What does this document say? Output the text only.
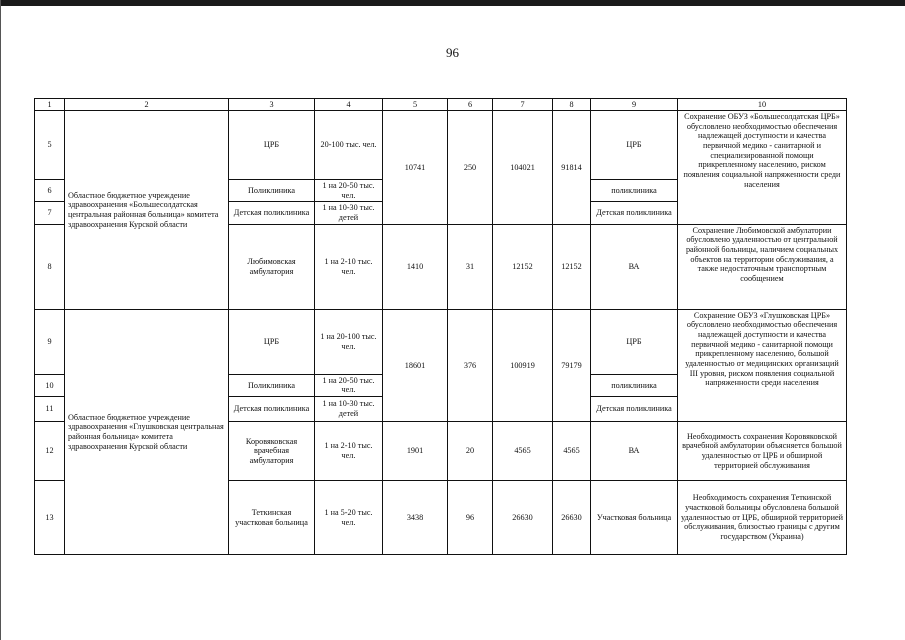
96
1	2	3	4	5	6	7	8	9	10
5	Областное бюджетное учреждение здравоохранения «Большесолдатская центральная районная больница» комитета здравоохранения Курской области	ЦРБ	20-100 тыс. чел.	10741	250	104021	91814	ЦРБ	Сохранение ОБУЗ «Большесолдатская ЦРБ» обусловлено необходимостью обеспечения надлежащей доступности и качества первичной медико - санитарной и специализированной помощи прикрепленному населению, риском появления социальной напряженности среди населения
6		Поликлиника	1 на 20-50 тыс. чел.					поликлиника	
7		Детская поликлиника	1 на 10-30 тыс. детей					Детская поликлиника	
8		Любимовская амбулатория	1 на 2-10 тыс. чел.	1410	31	12152	12152	ВА	Сохранение Любимовской амбулатории обусловлено удаленностью от центральной районной больницы, наличием социальных объектов на территории обслуживания, а также недостаточным транспортным сообщением
9	Областное бюджетное учреждение здравоохранения «Глушковская центральная районная больница» комитета здравоохранения Курской области	ЦРБ	1 на 20-100 тыс. чел.	18601	376	100919	79179	ЦРБ	Сохранение ОБУЗ «Глушковская ЦРБ» обусловлено необходимостью обеспечения надлежащей доступности и качества первичной медико - санитарной помощи прикрепленному населению, большой удаленностью от медицинских организаций III уровня, риском появления социальной напряженности среди населения
10		Поликлиника	1 на 20-50 тыс. чел.					поликлиника	
11		Детская поликлиника	1 на 10-30 тыс. детей					Детская поликлиника	
12		Коровяковская врачебная амбулатория	1 на 2-10 тыс. чел.	1901	20	4565	4565	ВА	Необходимость сохранения Коровяковской врачебной амбулатории объясняется большой удаленностью от ЦРБ и обширной территорией обслуживания
13		Теткинская участковая больница	1 на 5-20 тыс. чел.	3438	96	26630	26630	Участковая больница	Необходимость сохранения Теткинской участковой больницы обусловлена большой удаленностью от ЦРБ, обширной территорией обслуживания, близостью границы с другим государством (Украина)
